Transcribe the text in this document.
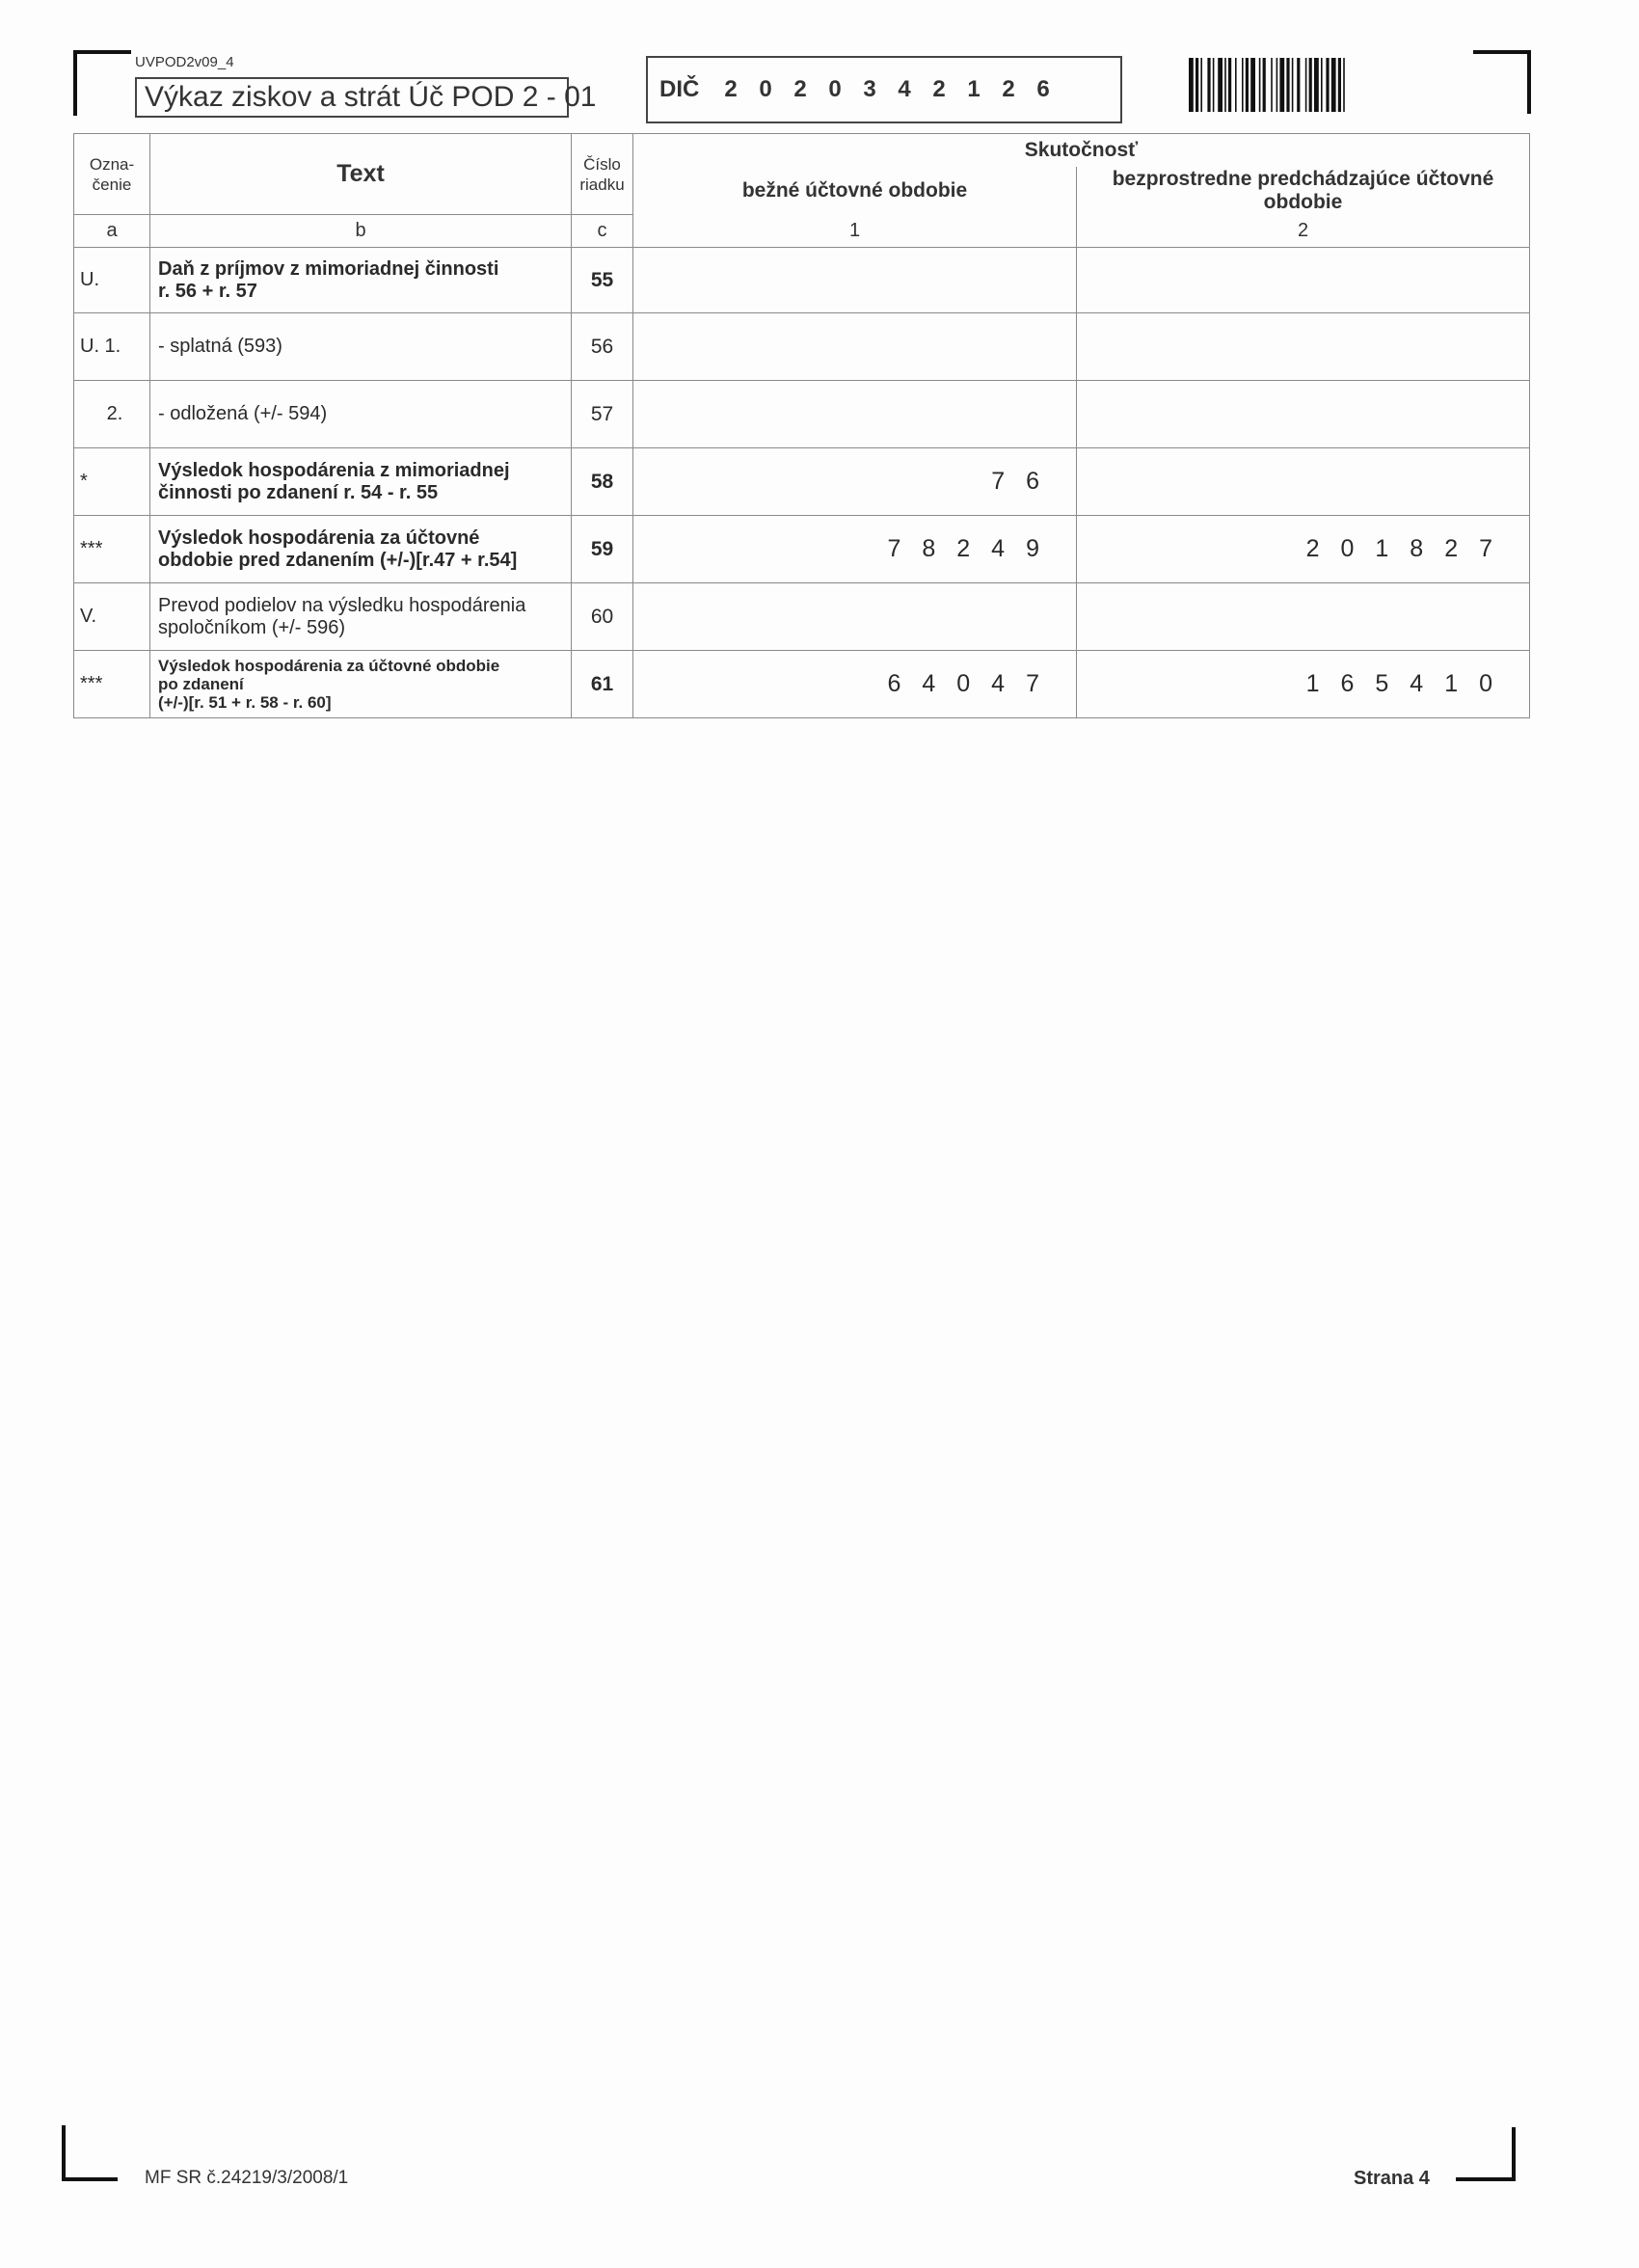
UVPOD2v09_4
Výkaz ziskov a strát Úč POD 2 - 01	DIČ 2 0 2 0 3 4 2 1 2 6
Ozna-
čenie	Text	Číslo
riadku	Skutočnosť	
			bežné účtovné obdobie	bezprostredne predchádzajúce účtovné obdobie
a	b	c	1	2
U.	Daň z príjmov z mimoriadnej činnosti
r. 56 + r. 57	55		
U. 1.	- splatná (593)	56		
2.	- odložená (+/- 594)	57		
*	Výsledok hospodárenia z mimoriadnej
činnosti po zdanení r. 54 - r. 55	58	76	
***	Výsledok hospodárenia za účtovné
obdobie pred zdanením (+/-)[r.47 + r.54]	59	78249	201827
V.	Prevod podielov na výsledku hospodárenia
spoločníkom (+/- 596)	60		
***	Výsledok hospodárenia za účtovné obdobie
po zdanení
(+/-)[r. 51 + r. 58 - r. 60]	61	64047	165410
MF SR č.24219/3/2008/1	Strana 4
